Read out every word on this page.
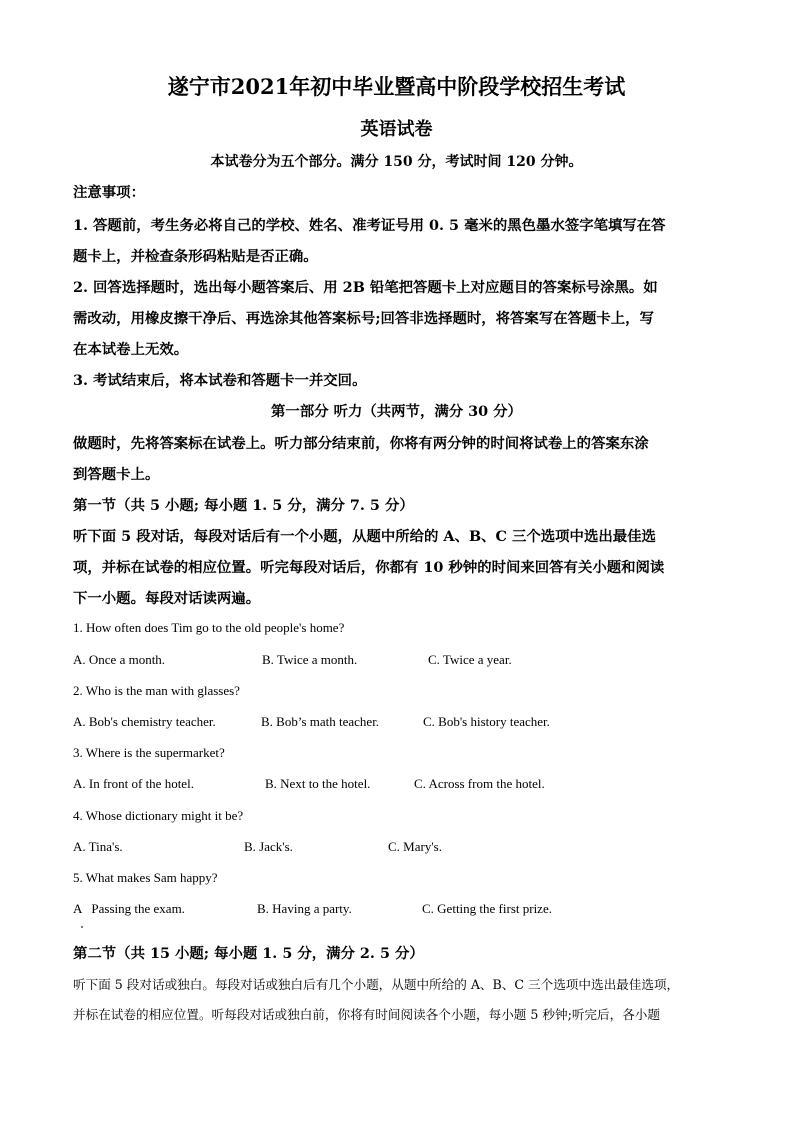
遂宁市2021年初中毕业暨高中阶段学校招生考试
英语试卷
本试卷分为五个部分。满分 150 分，考试时间 120 分钟。
注意事项：
1. 答题前，考生务必将自己的学校、姓名、准考证号用 0. 5 毫米的黑色墨水签字笔填写在答
题卡上，并检查条形码粘贴是否正确。
2. 回答选择题时，选出每小题答案后、用 2B 铅笔把答题卡上对应题目的答案标号涂黑。如
需改动，用橡皮擦干净后、再选涂其他答案标号;回答非选择题时，将答案写在答题卡上，写
在本试卷上无效。
3. 考试结束后，将本试卷和答题卡一并交回。
第一部分 听力（共两节，满分 30 分）
做题时，先将答案标在试卷上。听力部分结束前，你将有两分钟的时间将试卷上的答案东涂
到答题卡上。
第一节（共 5 小题; 每小题 1. 5 分，满分 7. 5 分）
听下面 5 段对话，每段对话后有一个小题，从题中所给的 A、B、C 三个选项中选出最佳选
项，并标在试卷的相应位置。听完每段对话后，你都有 10 秒钟的时间来回答有关小题和阅读
下一小题。每段对话读两遍。
1. How often does Tim go to the old people's home?
A. Once a month.	B. Twice a month.	C. Twice a year.
2. Who is the man with glasses?
A. Bob's chemistry teacher.	B. Bob’s math teacher.	C. Bob's history teacher.
3. Where is the supermarket?
A. In front of the hotel.	B. Next to the hotel.	C. Across from the hotel.
4. Whose dictionary might it be?
A. Tina's.	B. Jack's.	C. Mary's.
5. What makes Sam happy?
A   Passing the exam.	B. Having a party.	C. Getting the first prize.
第二节（共 15 小题; 每小题 1. 5 分，满分 2. 5 分）
听下面 5 段对话或独白。每段对话或独白后有几个小题，从题中所给的 A、B、C 三个选项中选出最佳选项，
并标在试卷的相应位置。听每段对话或独白前，你将有时间阅读各个小题，每小题 5 秒钟;听完后，各小题
